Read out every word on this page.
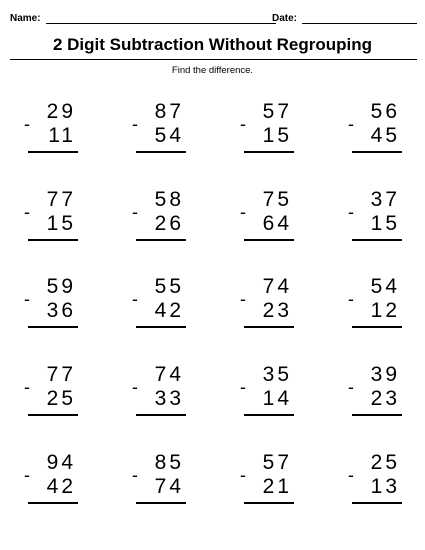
Name:	Date:
2 Digit Subtraction Without Regrouping
Find the difference.
29
- 11
87
- 54
57
- 15
56
- 45
77
- 15
58
- 26
75
- 64
37
- 15
59
- 36
55
- 42
74
- 23
54
- 12
77
- 25
74
- 33
35
- 14
39
- 23
94
- 42
85
- 74
57
- 21
25
- 13
